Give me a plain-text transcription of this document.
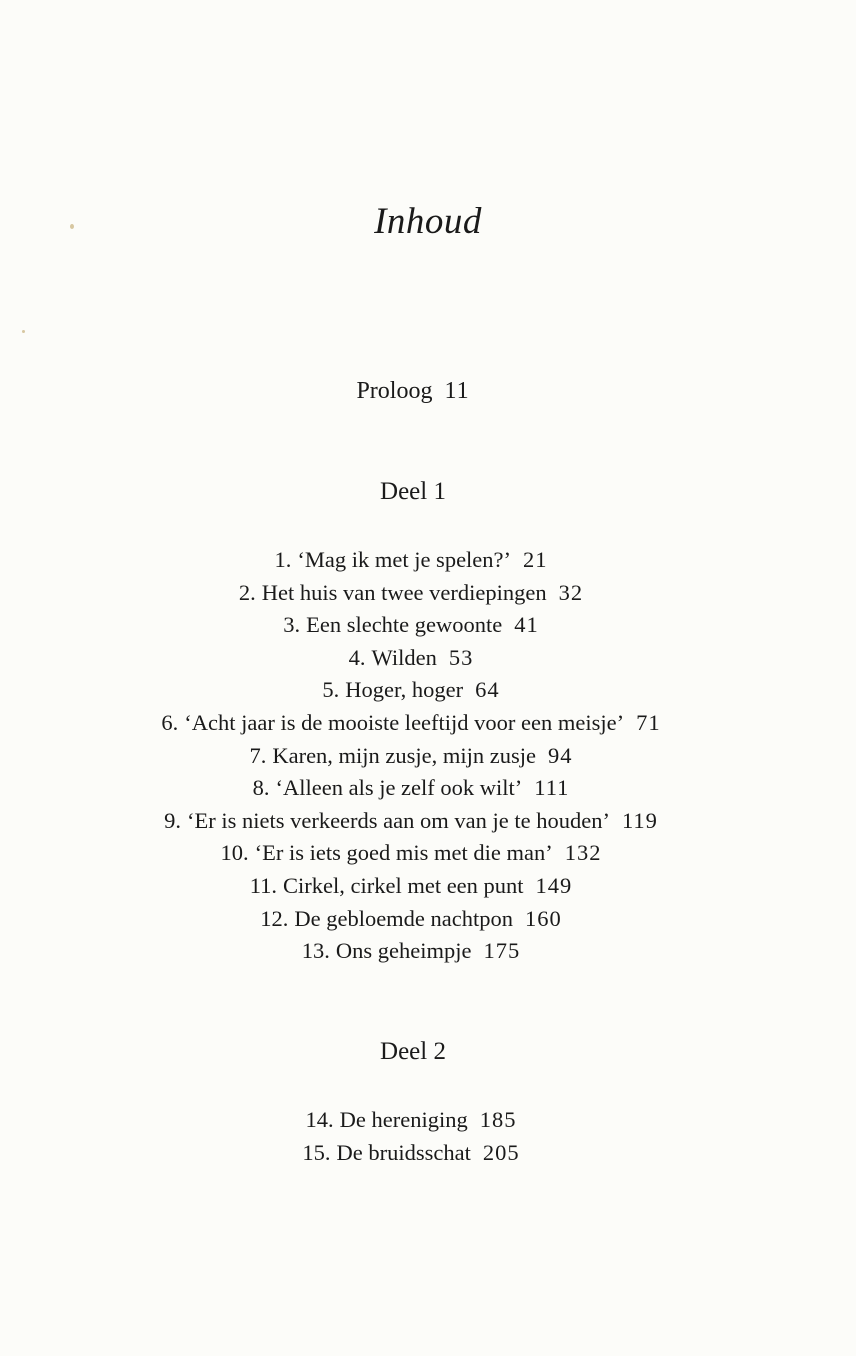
Inhoud
Proloog 11
Deel 1
1. ‘Mag ik met je spelen?’ 21
2. Het huis van twee verdiepingen 32
3. Een slechte gewoonte 41
4. Wilden 53
5. Hoger, hoger 64
6. ‘Acht jaar is de mooiste leeftijd voor een meisje’ 71
7. Karen, mijn zusje, mijn zusje 94
8. ‘Alleen als je zelf ook wilt’ 111
9. ‘Er is niets verkeerds aan om van je te houden’ 119
10. ‘Er is iets goed mis met die man’ 132
11. Cirkel, cirkel met een punt 149
12. De gebloemde nachtpon 160
13. Ons geheimpje 175
Deel 2
14. De hereniging 185
15. De bruidsschat 205
